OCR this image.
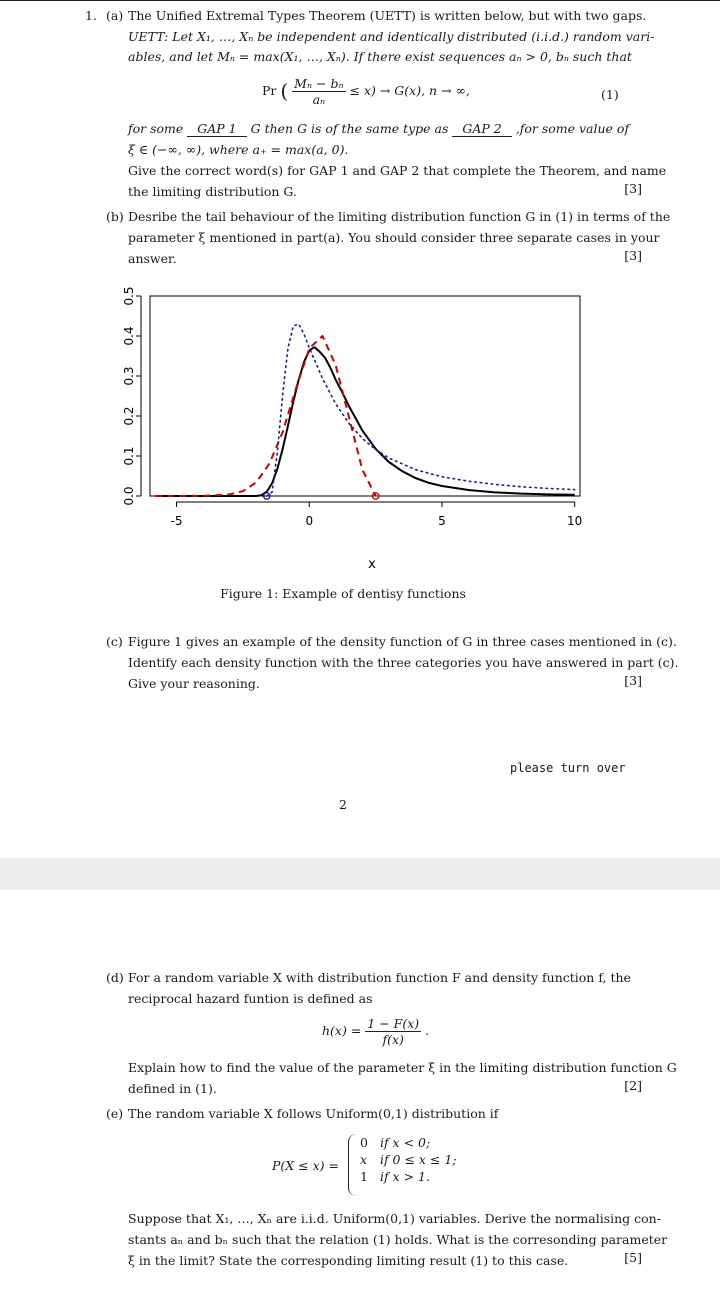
1. (a) The Unified Extremal Types Theorem (UETT) is written below, but with two gaps.
UETT: Let X₁, …, Xₙ be independent and identically distributed (i.i.d.) random vari-
ables, and let Mₙ = max(X₁, …, Xₙ). If there exist sequences aₙ > 0, bₙ such that
Pr ( $\frac{\text{Mₙ − bₙ}}{\text{aₙ}} \le x) \to G(x)$, n → ∞,	(1)
for some GAP 1 G then G is of the same type as GAP 2 ,for some value of
ξ ∈ (−∞, ∞), where a₊ = max(a, 0).
Give the correct word(s) for GAP 1 and GAP 2 that complete the Theorem, and name
the limiting distribution G.	[3]
(b) Desribe the tail behaviour of the limiting distribution function G in (1) in terms of the
parameter ξ mentioned in part(a). You should consider three separate cases in your
answer.	[3]
-5	0	5	10
0.0
0.1
0.2
0.3
0.4
0.5
x
Figure 1: Example of dentisy functions
(c) Figure 1 gives an example of the density function of G in three cases mentioned in (c).
Identify each density function with the three categories you have answered in part (c).
Give your reasoning.	[3]
please turn over
2
(d) For a random variable X with distribution function F and density function f, the
reciprocal hazard funtion is defined as
$h(x) = \frac{1 - F(x)}{f(x)}$ .
Explain how to find the value of the parameter ξ in the limiting distribution function G
defined in (1).	[2]
(e) The random variable X follows Uniform(0,1) distribution if
P(X ≤ x) =
0	if x < 0;
x	if 0 ≤ x ≤ 1;
1	if x > 1.
Suppose that X₁, …, Xₙ are i.i.d. Uniform(0,1) variables. Derive the normalising con-
stants aₙ and bₙ such that the relation (1) holds. What is the corresonding parameter
ξ in the limit? State the corresponding limiting result (1) to this case.	[5]
